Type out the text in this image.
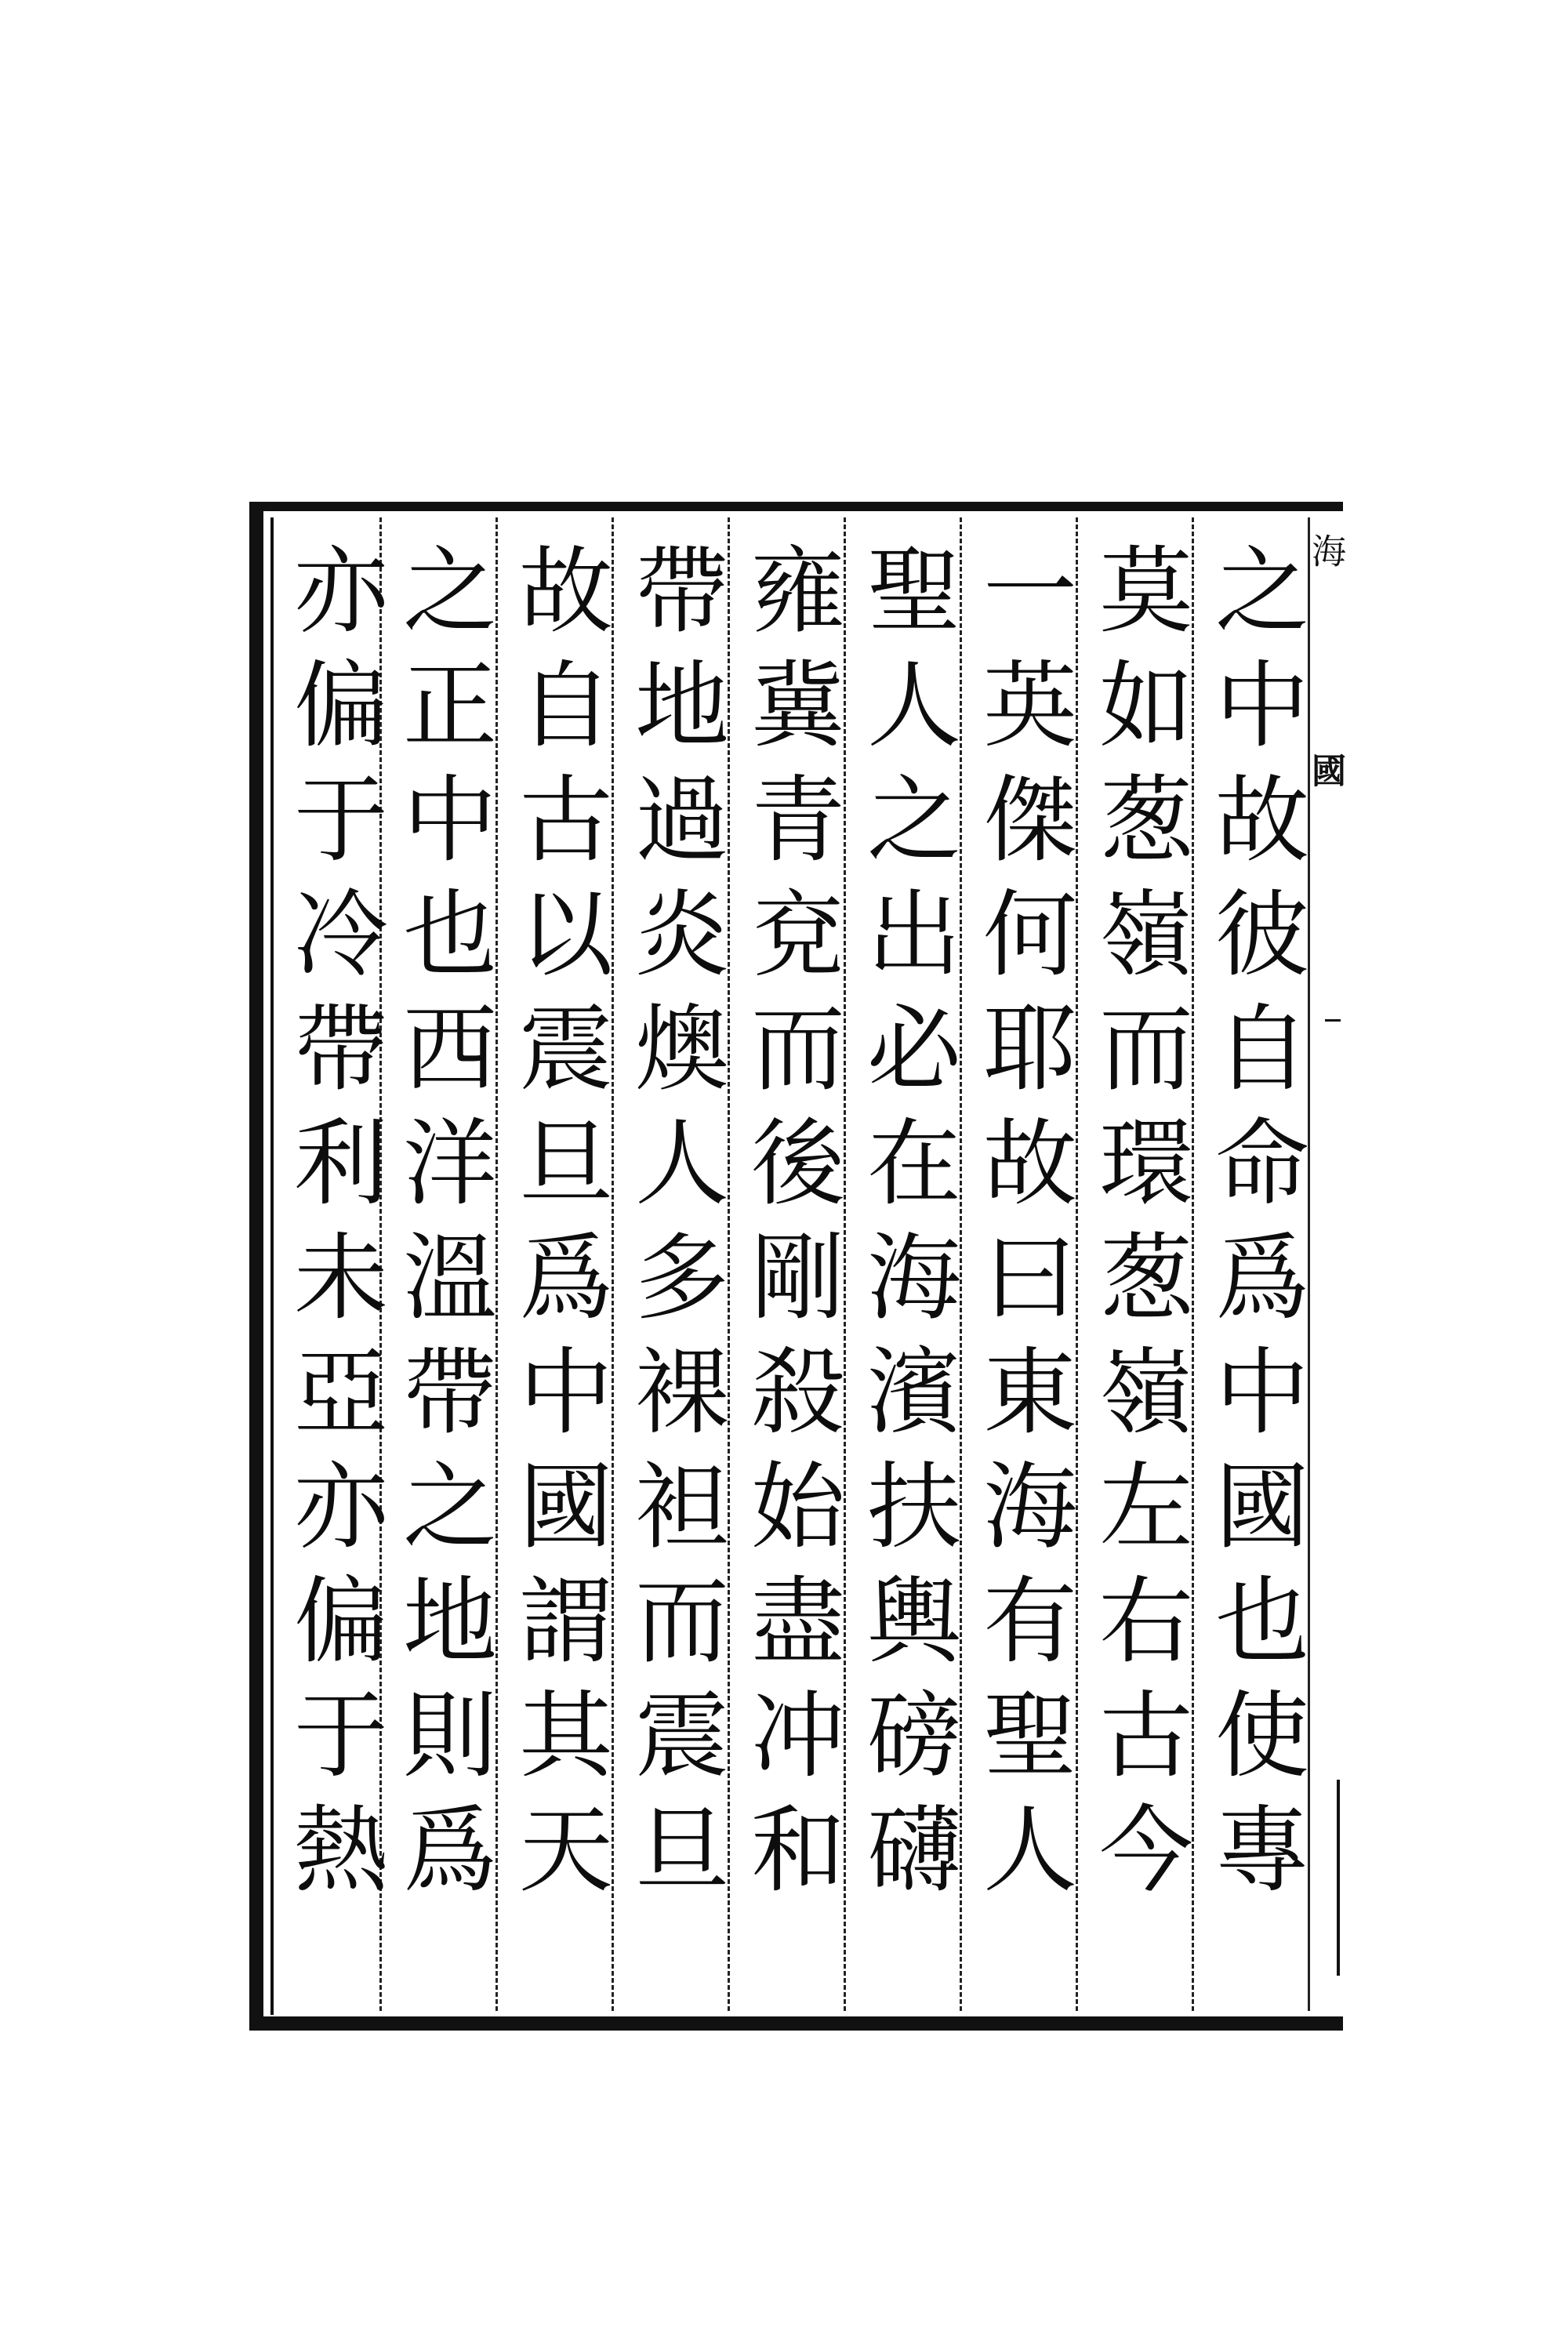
海
國
之中故彼自命爲中國也使專
莫如葱嶺而環葱嶺左右古今
一英傑何耶故曰東海有聖人
聖人之出必在海濱扶輿磅礴
雍冀青兗而後剛殺始盡冲和
帶地過炎燠人多裸袒而震旦
故自古以震旦爲中國謂其天
之正中也西洋溫帶之地則爲
亦偏于冷帶利未亞亦偏于熱
